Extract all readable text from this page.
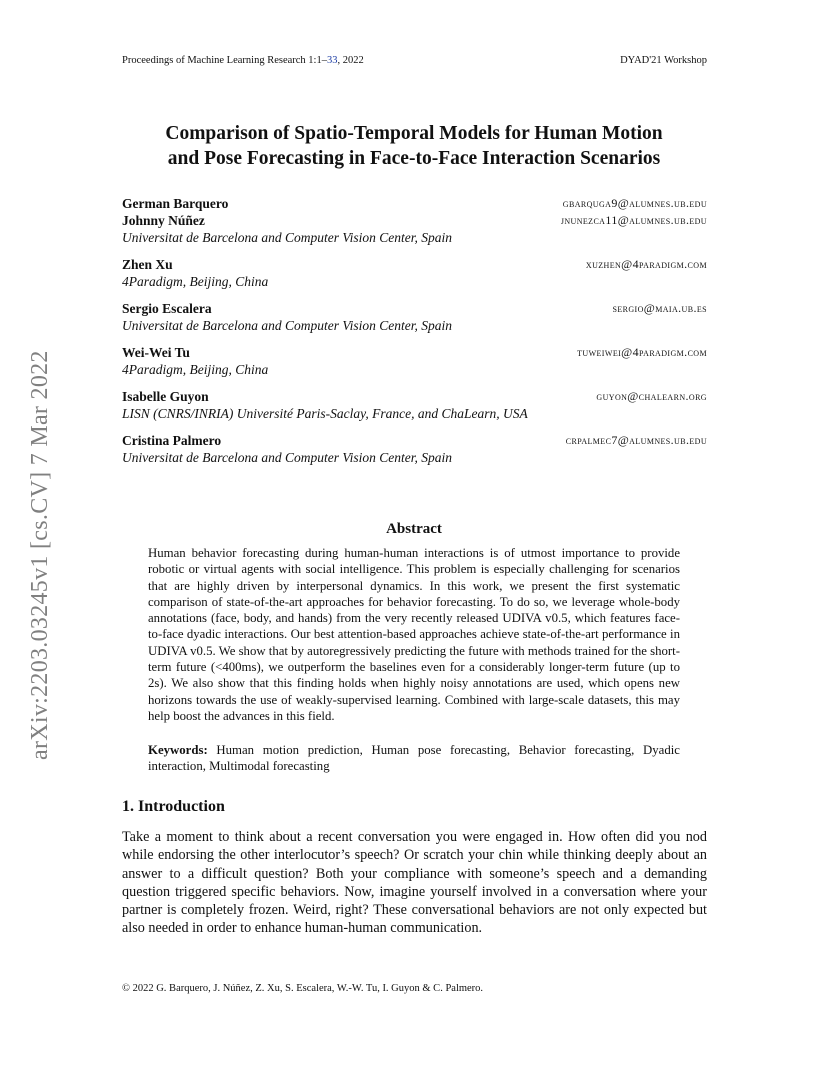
Proceedings of Machine Learning Research 1:1–33, 2022	DYAD'21 Workshop
arXiv:2203.03245v1 [cs.CV] 7 Mar 2022
Comparison of Spatio-Temporal Models for Human Motion
and Pose Forecasting in Face-to-Face Interaction Scenarios
German Barquero	gbarquga9@alumnes.ub.edu
Johnny Núñez	jnunezca11@alumnes.ub.edu
Universitat de Barcelona and Computer Vision Center, Spain
Zhen Xu	xuzhen@4paradigm.com
4Paradigm, Beijing, China
Sergio Escalera	sergio@maia.ub.es
Universitat de Barcelona and Computer Vision Center, Spain
Wei-Wei Tu	tuweiwei@4paradigm.com
4Paradigm, Beijing, China
Isabelle Guyon	guyon@chalearn.org
LISN (CNRS/INRIA) Université Paris-Saclay, France, and ChaLearn, USA
Cristina Palmero	crpalmec7@alumnes.ub.edu
Universitat de Barcelona and Computer Vision Center, Spain
Abstract
Human behavior forecasting during human-human interactions is of utmost importance to provide robotic or virtual agents with social intelligence. This problem is especially challenging for scenarios that are highly driven by interpersonal dynamics. In this work, we present the first systematic comparison of state-of-the-art approaches for behavior forecasting. To do so, we leverage whole-body annotations (face, body, and hands) from the very recently released UDIVA v0.5, which features face-to-face dyadic interactions. Our best attention-based approaches achieve state-of-the-art performance in UDIVA v0.5. We show that by autoregressively predicting the future with methods trained for the short-term future (<400ms), we outperform the baselines even for a considerably longer-term future (up to 2s). We also show that this finding holds when highly noisy annotations are used, which opens new horizons towards the use of weakly-supervised learning. Combined with large-scale datasets, this may help boost the advances in this field.
Keywords: Human motion prediction, Human pose forecasting, Behavior forecasting, Dyadic interaction, Multimodal forecasting
1. Introduction
Take a moment to think about a recent conversation you were engaged in. How often did you nod while endorsing the other interlocutor’s speech? Or scratch your chin while thinking deeply about an answer to a difficult question? Both your compliance with someone’s speech and a demanding question triggered specific behaviors. Now, imagine yourself involved in a conversation where your partner is completely frozen. Weird, right? These conversational behaviors are not only expected but also needed in order to enhance human-human communication.
© 2022 G. Barquero, J. Núñez, Z. Xu, S. Escalera, W.-W. Tu, I. Guyon & C. Palmero.
